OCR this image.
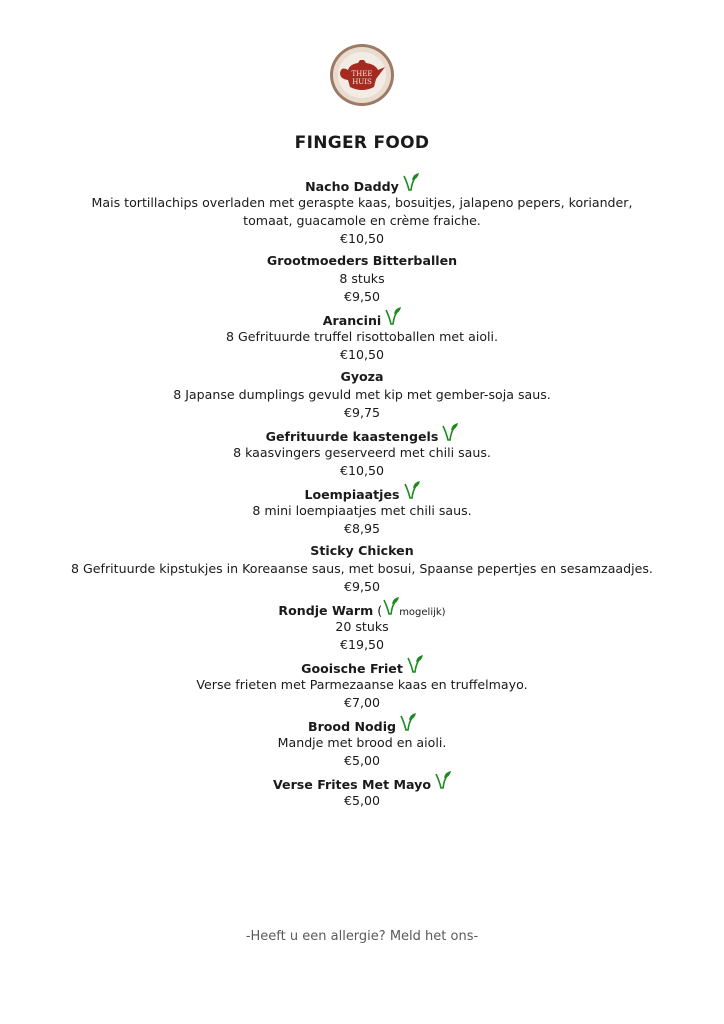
THEE
HUIS
FINGER FOOD
Nacho Daddy
Mais tortillachips overladen met geraspte kaas, bosuitjes, jalapeno pepers, koriander,
tomaat, guacamole en crème fraiche.
€10,50
Grootmoeders Bitterballen
8 stuks
€9,50
Arancini
8 Gefrituurde truffel risottoballen met aioli.
€10,50
Gyoza
8 Japanse dumplings gevuld met kip met gember-soja saus.
€9,75
Gefrituurde kaastengels
8 kaasvingers geserveerd met chili saus.
€10,50
Loempiaatjes
8 mini loempiaatjes met chili saus.
€8,95
Sticky Chicken
8 Gefrituurde kipstukjes in Koreaanse saus, met bosui, Spaanse pepertjes en sesamzaadjes.
€9,50
Rondje Warm ( mogelijk)
20 stuks
€19,50
Gooische Friet
Verse frieten met Parmezaanse kaas en truffelmayo.
€7,00
Brood Nodig
Mandje met brood en aioli.
€5,00
Verse Frites Met Mayo
€5,00
-Heeft u een allergie? Meld het ons-
